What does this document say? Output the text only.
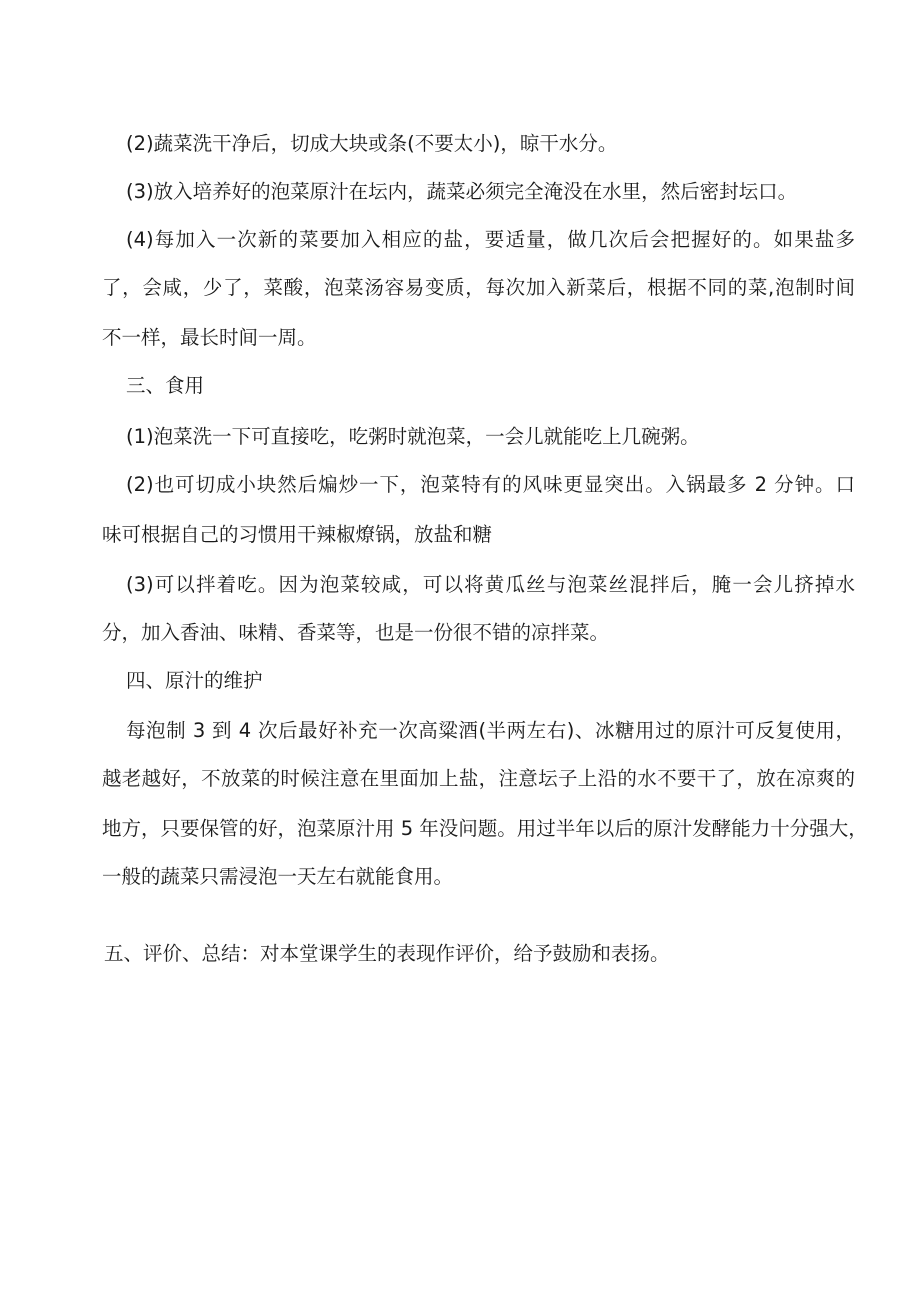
(2)蔬菜洗干净后，切成大块或条(不要太小)，晾干水分。
(3)放入培养好的泡菜原汁在坛内，蔬菜必须完全淹没在水里，然后密封坛口。
(4)每加入一次新的菜要加入相应的盐，要适量，做几次后会把握好的。如果盐多
了，会咸，少了，菜酸，泡菜汤容易变质，每次加入新菜后，根据不同的菜,泡制时间
不一样，最长时间一周。
三、食用
(1)泡菜洗一下可直接吃，吃粥时就泡菜，一会儿就能吃上几碗粥。
(2)也可切成小块然后煸炒一下，泡菜特有的风味更显突出。入锅最多 2 分钟。口
味可根据自己的习惯用干辣椒燎锅，放盐和糖
(3)可以拌着吃。因为泡菜较咸，可以将黄瓜丝与泡菜丝混拌后，腌一会儿挤掉水
分，加入香油、味精、香菜等，也是一份很不错的凉拌菜。
四、原汁的维护
每泡制 3 到 4 次后最好补充一次高粱酒(半两左右)、冰糖用过的原汁可反复使用，
越老越好，不放菜的时候注意在里面加上盐，注意坛子上沿的水不要干了，放在凉爽的
地方，只要保管的好，泡菜原汁用 5 年没问题。用过半年以后的原汁发酵能力十分强大，
一般的蔬菜只需浸泡一天左右就能食用。
五、评价、总结：对本堂课学生的表现作评价，给予鼓励和表扬。
